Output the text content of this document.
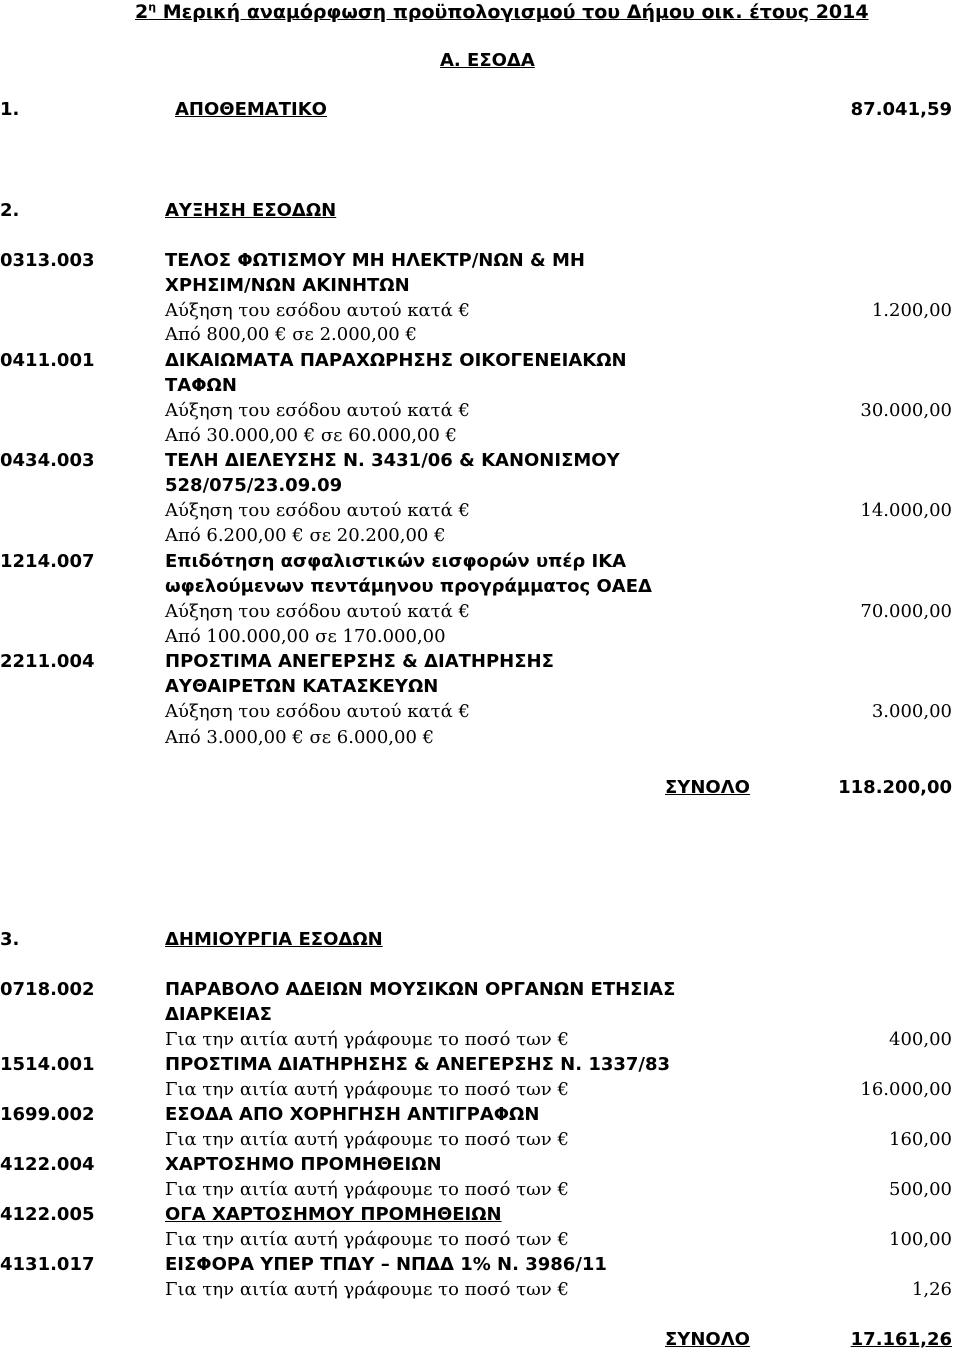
$2^\eta$ Μερική αναμόρφωση προϋπολογισμού του Δήμου οικ. έτους 2014
Α. ΕΣΟΔΑ
1.	ΑΠΟΘΕΜΑΤΙΚΟ	87.041,59
2.	ΑΥΞΗΣΗ ΕΣΟΔΩΝ
0313.003	ΤΕΛΟΣ ΦΩΤΙΣΜΟΥ ΜΗ ΗΛΕΚΤΡ/ΝΩΝ & ΜΗ
ΧΡΗΣΙΜ/ΝΩΝ ΑΚΙΝΗΤΩΝ
Αύξηση του εσόδου αυτού κατά €	1.200,00
Από 800,00 € σε 2.000,00 €
0411.001	ΔΙΚΑΙΩΜΑΤΑ ΠΑΡΑΧΩΡΗΣΗΣ ΟΙΚΟΓΕΝΕΙΑΚΩΝ
ΤΑΦΩΝ
Αύξηση του εσόδου αυτού κατά €	30.000,00
Από 30.000,00 € σε 60.000,00 €
0434.003	ΤΕΛΗ ΔΙΕΛΕΥΣΗΣ Ν. 3431/06 & ΚΑΝΟΝΙΣΜΟΥ
528/075/23.09.09
Αύξηση του εσόδου αυτού κατά €	14.000,00
Από 6.200,00 € σε 20.200,00 €
1214.007	Επιδότηση ασφαλιστικών εισφορών υπέρ ΙΚΑ
ωφελούμενων πεντάμηνου προγράμματος ΟΑΕΔ
Αύξηση του εσόδου αυτού κατά €	70.000,00
Από 100.000,00 σε 170.000,00
2211.004	ΠΡΟΣΤΙΜΑ ΑΝΕΓΕΡΣΗΣ & ΔΙΑΤΗΡΗΣΗΣ
ΑΥΘΑΙΡΕΤΩΝ ΚΑΤΑΣΚΕΥΩΝ
Αύξηση του εσόδου αυτού κατά €	3.000,00
Από 3.000,00 € σε 6.000,00 €
ΣΥΝΟΛΟ	118.200,00
3.	ΔΗΜΙΟΥΡΓΙΑ ΕΣΟΔΩΝ
0718.002	ΠΑΡΑΒΟΛΟ ΑΔΕΙΩΝ ΜΟΥΣΙΚΩΝ ΟΡΓΑΝΩΝ ΕΤΗΣΙΑΣ
ΔΙΑΡΚΕΙΑΣ
Για την αιτία αυτή γράφουμε το ποσό των €	400,00
1514.001	ΠΡΟΣΤΙΜΑ ΔΙΑΤΗΡΗΣΗΣ & ΑΝΕΓΕΡΣΗΣ Ν. 1337/83
Για την αιτία αυτή γράφουμε το ποσό των €	16.000,00
1699.002	ΕΣΟΔΑ ΑΠΟ ΧΟΡΗΓΗΣΗ ΑΝΤΙΓΡΑΦΩΝ
Για την αιτία αυτή γράφουμε το ποσό των €	160,00
4122.004	ΧΑΡΤΟΣΗΜΟ ΠΡΟΜΗΘΕΙΩΝ
Για την αιτία αυτή γράφουμε το ποσό των €	500,00
4122.005	ΟΓΑ ΧΑΡΤΟΣΗΜΟΥ ΠΡΟΜΗΘΕΙΩΝ
Για την αιτία αυτή γράφουμε το ποσό των €	100,00
4131.017	ΕΙΣΦΟΡΑ ΥΠΕΡ ΤΠΔΥ – ΝΠΔΔ 1% Ν. 3986/11
Για την αιτία αυτή γράφουμε το ποσό των €	1,26
ΣΥΝΟΛΟ	17.161,26
